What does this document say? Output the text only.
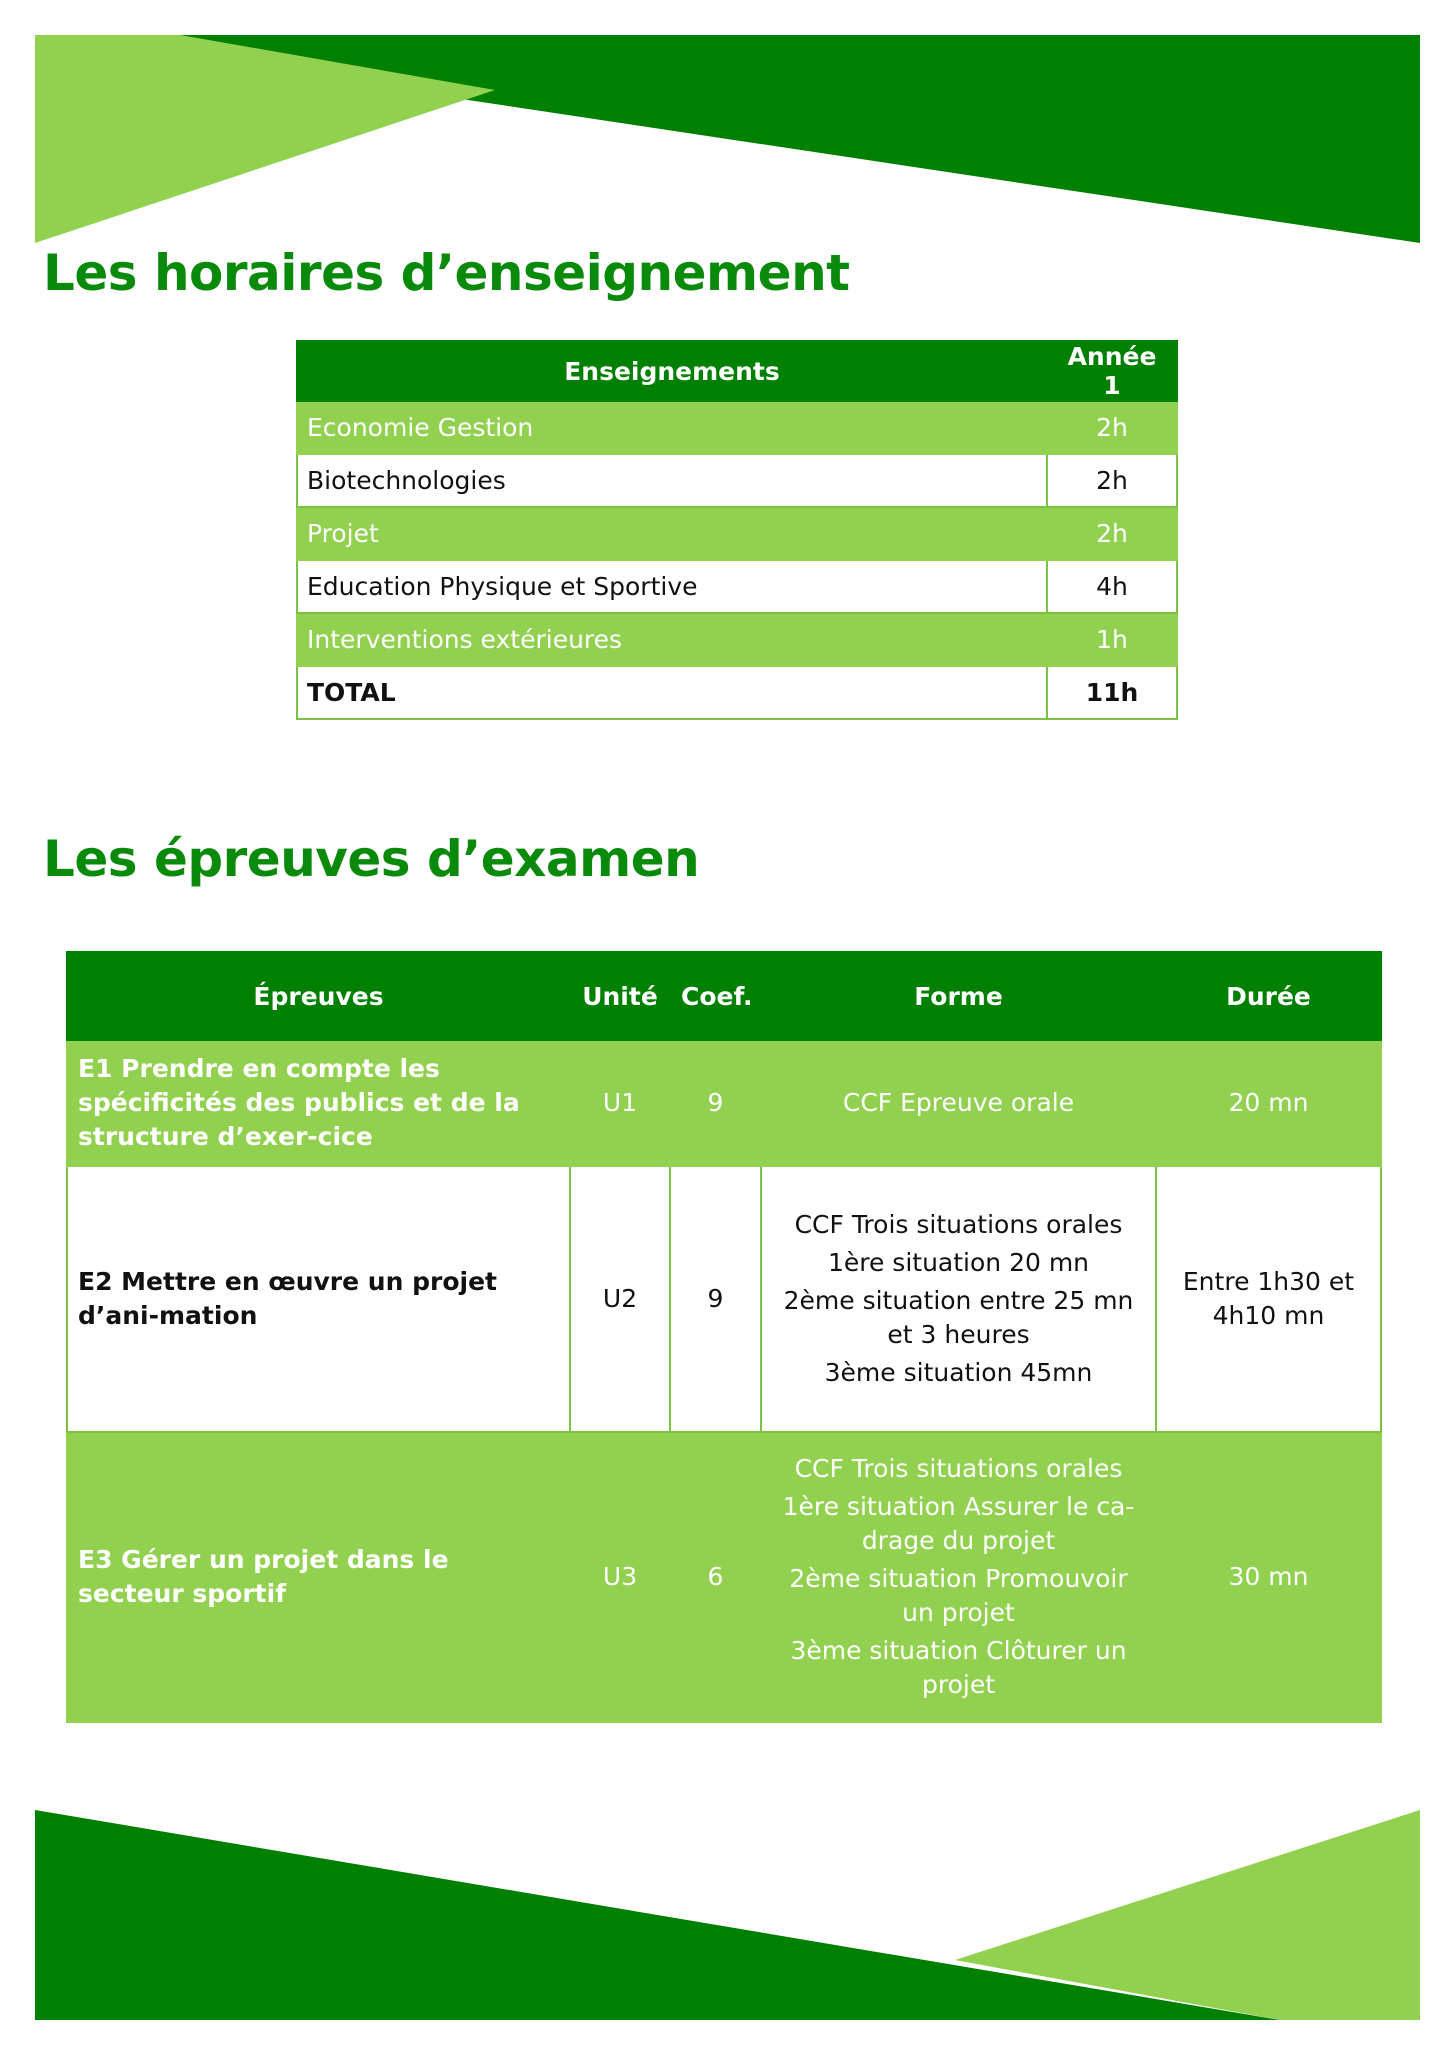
Les horaires d’enseignement
Enseignements	Année 1
Economie Gestion	2h
Biotechnologies	2h
Projet	2h
Education Physique et Sportive	4h
Interventions extérieures	1h
TOTAL	11h
Les épreuves d’examen
Épreuves	Unité	Coef.	Forme	Durée
E1 Prendre en compte les spécificités des publics et de la structure d’exer-cice	U1	9	CCF Epreuve orale	20 mn
E2 Mettre en œuvre un projet d’ani-mation	U2	9	CCF Trois situations orales
1ère situation 20 mn
2ème situation entre 25 mn et 3 heures
3ème situation 45mn	Entre 1h30 et 4h10 mn
E3 Gérer un projet dans le secteur sportif	U3	6	CCF Trois situations orales
1ère situation Assurer le ca-drage du projet
2ème situation Promouvoir un projet
3ème situation Clôturer un projet	30 mn
